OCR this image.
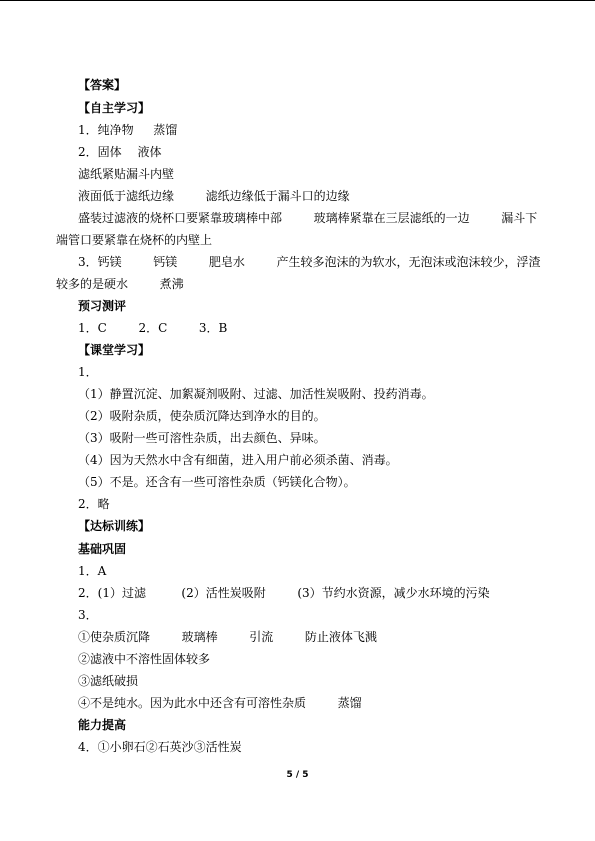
【答案】
【自主学习】
1．纯净物 　 蒸馏
2．固体 　液体
滤纸紧贴漏斗内壁
液面低于滤纸边缘 　　 滤纸边缘低于漏斗口的边缘
盛装过滤液的烧杯口要紧靠玻璃棒中部 　　 玻璃棒紧靠在三层滤纸的一边 　　 漏斗下
端管口要紧靠在烧杯的内壁上
3．钙镁 　　 钙镁 　　 肥皂水 　　 产生较多泡沫的为软水，无泡沫或泡沫较少，浮渣
较多的是硬水 　　 煮沸
预习测评
1．C 　　 2．C 　　 3．B
【课堂学习】
1．
（1）静置沉淀、加絮凝剂吸附、过滤、加活性炭吸附、投药消毒。
（2）吸附杂质，使杂质沉降达到净水的目的。
（3）吸附一些可溶性杂质，出去颜色、异味。
（4）因为天然水中含有细菌，进入用户前必须杀菌、消毒。
（5）不是。还含有一些可溶性杂质（钙镁化合物）。
2．略
【达标训练】
基础巩固
1．A
2．(1）过滤 　 　 (2）活性炭吸附 　　 (3）节约水资源，减少水环境的污染
3．
①使杂质沉降 　　 玻璃棒 　　 引流 　　 防止液体飞溅
②滤液中不溶性固体较多
③滤纸破损
④不是纯水。因为此水中还含有可溶性杂质 　　 蒸馏
能力提高
4．①小卵石②石英沙③活性炭
5 / 5
